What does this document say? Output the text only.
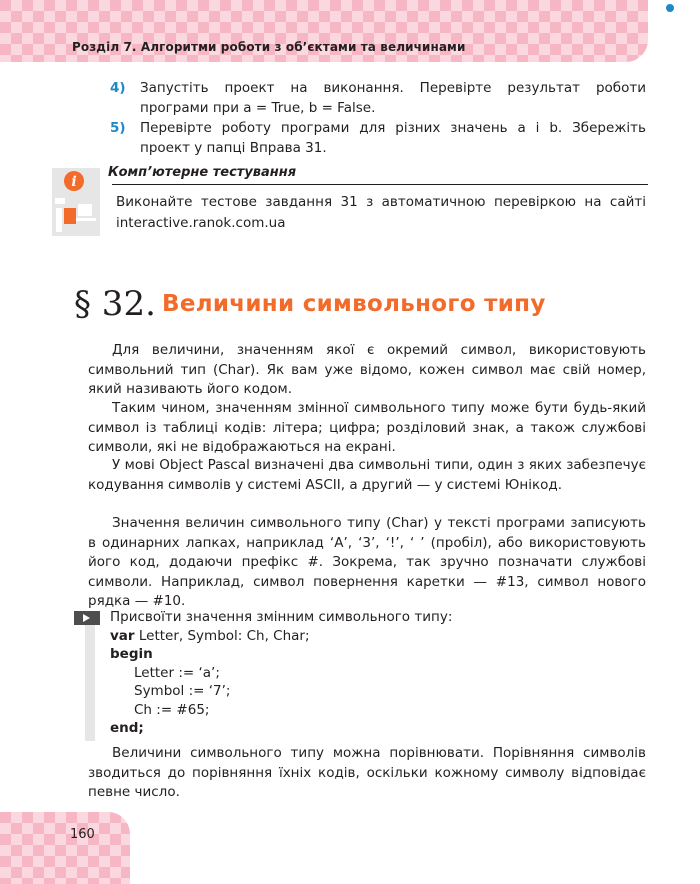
Розділ 7. Алгоритми роботи з об’єктами та величинами
4) Запустіть проект на виконання. Перевірте результат роботи програми при a = True, b = False.
5) Перевірте роботу програми для різних значень a і b. Збережіть проект у папці Вправа 31.
i
Комп’ютерне тестування
Виконайте тестове завдання 31 з автоматичною перевіркою на сайті interactive.ranok.com.ua
§ 32. Величини символьного типу
Для величини, значенням якої є окремий символ, використовують символьний тип (Char). Як вам уже відомо, кожен символ має свій номер, який називають його кодом.
Таким чином, значенням змінної символьного типу може бути будь-який символ із таблиці кодів: літера; цифра; розділовий знак, а також службові символи, які не відображаються на екрані.
У мові Object Pascal визначені два символьні типи, один з яких забезпечує кодування символів у системі ASCII, а другий — у системі Юнікод.
Значення величин символьного типу (Char) у тексті програми записують в одинарних лапках, наприклад ‘A’, ‘3’, ‘!’, ‘ ’ (пробіл), або використовують його код, додаючи префікс #. Зокрема, так зручно позначати службові символи. Наприклад, символ повернення каретки — #13, символ нового рядка — #10.
Присвоїти значення змінним символьного типу:
var Letter, Symbol: Ch, Char;
begin
Letter := ‘a’;
Symbol := ‘7’;
Ch := #65;
end;
Величини символьного типу можна порівнювати. Порівняння символів зводиться до порівняння їхніх кодів, оскільки кожному символу відповідає певне число.
160
